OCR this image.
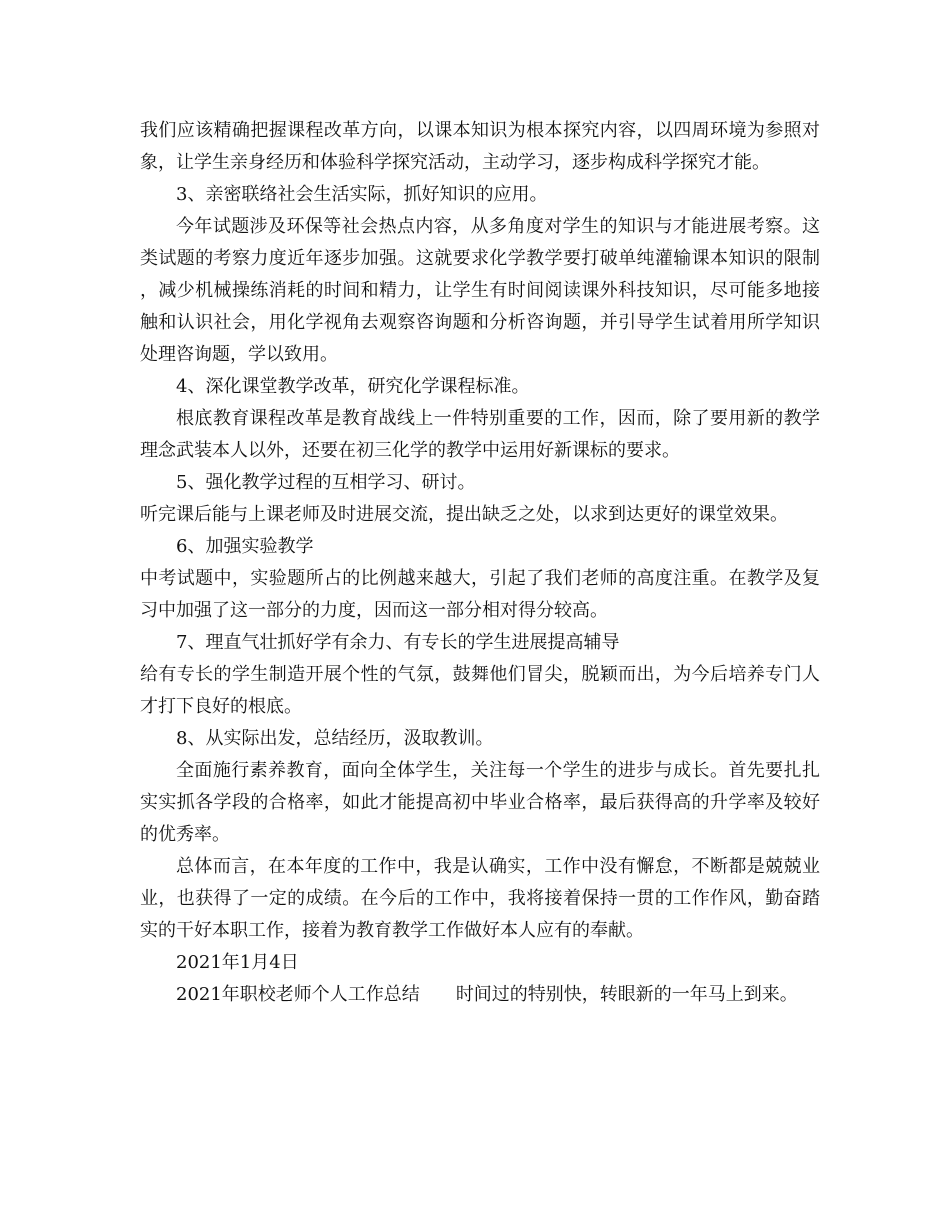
我们应该精确把握课程改革方向，以课本知识为根本探究内容，以四周环境为参照对象，让学生亲身经历和体验科学探究活动，主动学习，逐步构成科学探究才能。

3、亲密联络社会生活实际，抓好知识的应用。

今年试题涉及环保等社会热点内容，从多角度对学生的知识与才能进展考察。这类试题的考察力度近年逐步加强。这就要求化学教学要打破单纯灌输课本知识的限制，减少机械操练消耗的时间和精力，让学生有时间阅读课外科技知识，尽可能多地接触和认识社会，用化学视角去观察咨询题和分析咨询题，并引导学生试着用所学知识处理咨询题，学以致用。

4、深化课堂教学改革，研究化学课程标准。

根底教育课程改革是教育战线上一件特别重要的工作，因而，除了要用新的教学理念武装本人以外，还要在初三化学的教学中运用好新课标的要求。

5、强化教学过程的互相学习、研讨。

听完课后能与上课老师及时进展交流，提出缺乏之处，以求到达更好的课堂效果。

6、加强实验教学

中考试题中，实验题所占的比例越来越大，引起了我们老师的高度注重。在教学及复习中加强了这一部分的力度，因而这一部分相对得分较高。

7、理直气壮抓好学有余力、有专长的学生进展提高辅导

给有专长的学生制造开展个性的气氛，鼓舞他们冒尖，脱颖而出，为今后培养专门人才打下良好的根底。

8、从实际出发，总结经历，汲取教训。

全面施行素养教育，面向全体学生，关注每一个学生的进步与成长。首先要扎扎实实抓各学段的合格率，如此才能提高初中毕业合格率，最后获得高的升学率及较好的优秀率。

总体而言，在本年度的工作中，我是认确实，工作中没有懈怠，不断都是兢兢业业，也获得了一定的成绩。在今后的工作中，我将接着保持一贯的工作作风，勤奋踏实的干好本职工作，接着为教育教学工作做好本人应有的奉献。

2021年1月4日

2021年职校老师个人工作总结 时间过的特别快，转眼新的一年马上到来。
